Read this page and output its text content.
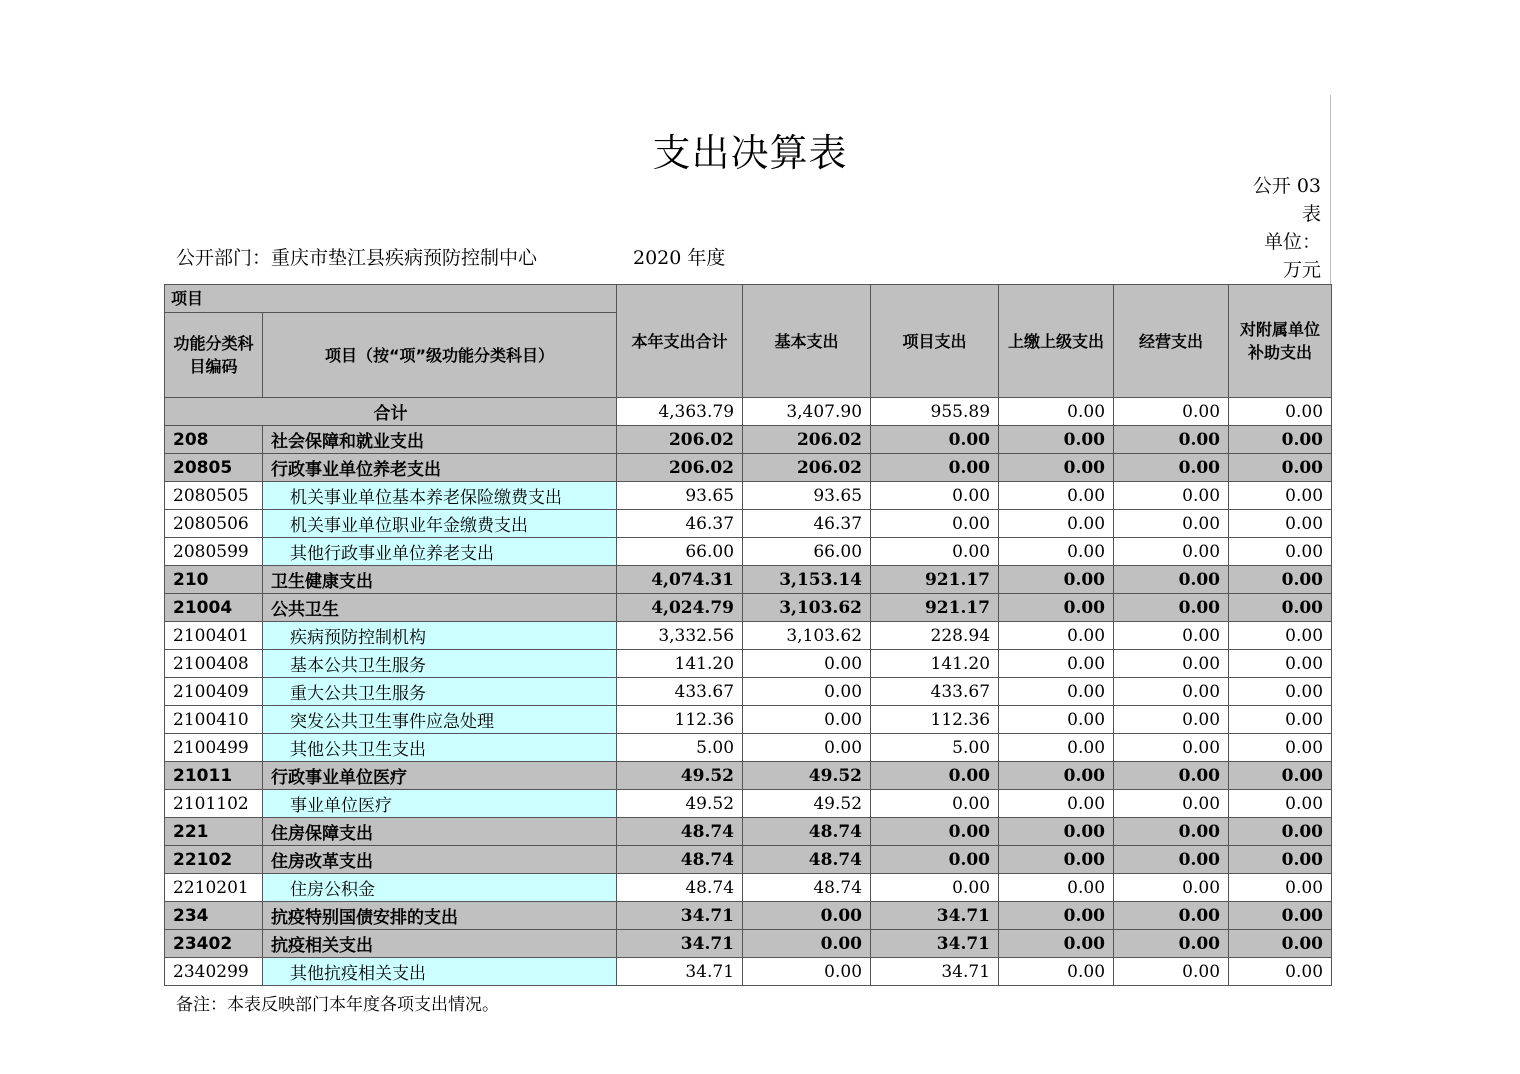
支出决算表
公开 03 表
单位：万元
公开部门：重庆市垫江县疾病预防控制中心	2020 年度
项目		本年支出合计	基本支出	项目支出	上缴上级支出	经营支出	对附属单位补助支出
功能分类科目编码	项目（按“项”级功能分类科目）						
合计		4,363.79	3,407.90	955.89	0.00	0.00	0.00
208	社会保障和就业支出	206.02	206.02	0.00	0.00	0.00	0.00
20805	行政事业单位养老支出	206.02	206.02	0.00	0.00	0.00	0.00
2080505	机关事业单位基本养老保险缴费支出	93.65	93.65	0.00	0.00	0.00	0.00
2080506	机关事业单位职业年金缴费支出	46.37	46.37	0.00	0.00	0.00	0.00
2080599	其他行政事业单位养老支出	66.00	66.00	0.00	0.00	0.00	0.00
210	卫生健康支出	4,074.31	3,153.14	921.17	0.00	0.00	0.00
21004	公共卫生	4,024.79	3,103.62	921.17	0.00	0.00	0.00
2100401	疾病预防控制机构	3,332.56	3,103.62	228.94	0.00	0.00	0.00
2100408	基本公共卫生服务	141.20	0.00	141.20	0.00	0.00	0.00
2100409	重大公共卫生服务	433.67	0.00	433.67	0.00	0.00	0.00
2100410	突发公共卫生事件应急处理	112.36	0.00	112.36	0.00	0.00	0.00
2100499	其他公共卫生支出	5.00	0.00	5.00	0.00	0.00	0.00
21011	行政事业单位医疗	49.52	49.52	0.00	0.00	0.00	0.00
2101102	事业单位医疗	49.52	49.52	0.00	0.00	0.00	0.00
221	住房保障支出	48.74	48.74	0.00	0.00	0.00	0.00
22102	住房改革支出	48.74	48.74	0.00	0.00	0.00	0.00
2210201	住房公积金	48.74	48.74	0.00	0.00	0.00	0.00
234	抗疫特别国债安排的支出	34.71	0.00	34.71	0.00	0.00	0.00
23402	抗疫相关支出	34.71	0.00	34.71	0.00	0.00	0.00
2340299	其他抗疫相关支出	34.71	0.00	34.71	0.00	0.00	0.00
备注：本表反映部门本年度各项支出情况。
